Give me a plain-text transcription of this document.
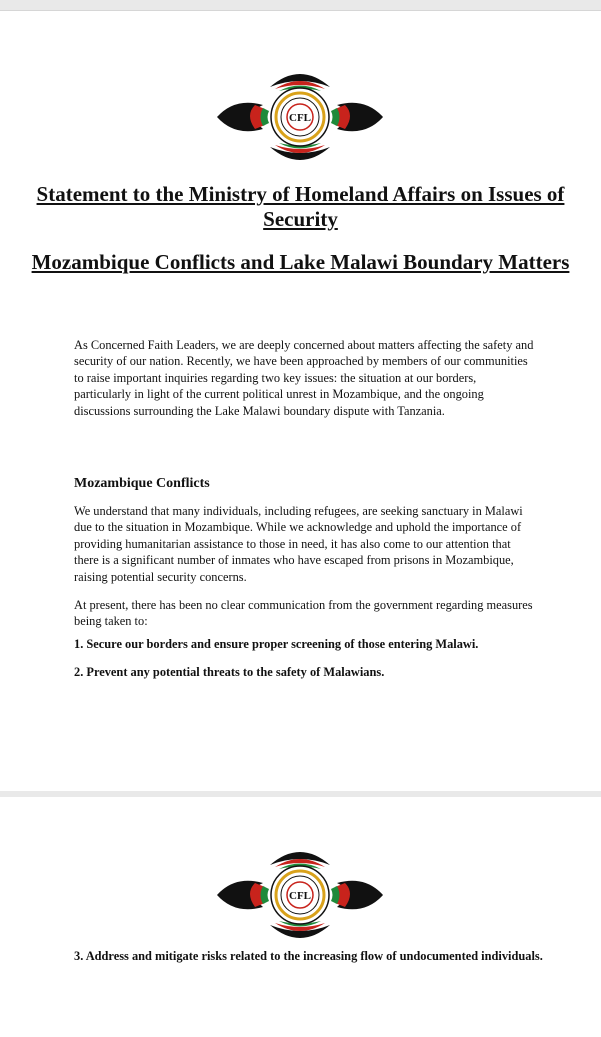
CFL

Statement to the Ministry of Homeland Affairs on Issues of Security

Mozambique Conflicts and Lake Malawi Boundary Matters

As Concerned Faith Leaders, we are deeply concerned about matters affecting the safety and security of our nation. Recently, we have been approached by members of our communities to raise important inquiries regarding two key issues: the situation at our borders, particularly in light of the current political unrest in Mozambique, and the ongoing discussions surrounding the Lake Malawi boundary dispute with Tanzania.

Mozambique Conflicts

We understand that many individuals, including refugees, are seeking sanctuary in Malawi due to the situation in Mozambique. While we acknowledge and uphold the importance of providing humanitarian assistance to those in need, it has also come to our attention that there is a significant number of inmates who have escaped from prisons in Mozambique, raising potential security concerns.

At present, there has been no clear communication from the government regarding measures being taken to:

1. Secure our borders and ensure proper screening of those entering Malawi.

2. Prevent any potential threats to the safety of Malawians.

CFL

3. Address and mitigate risks related to the increasing flow of undocumented individuals.
